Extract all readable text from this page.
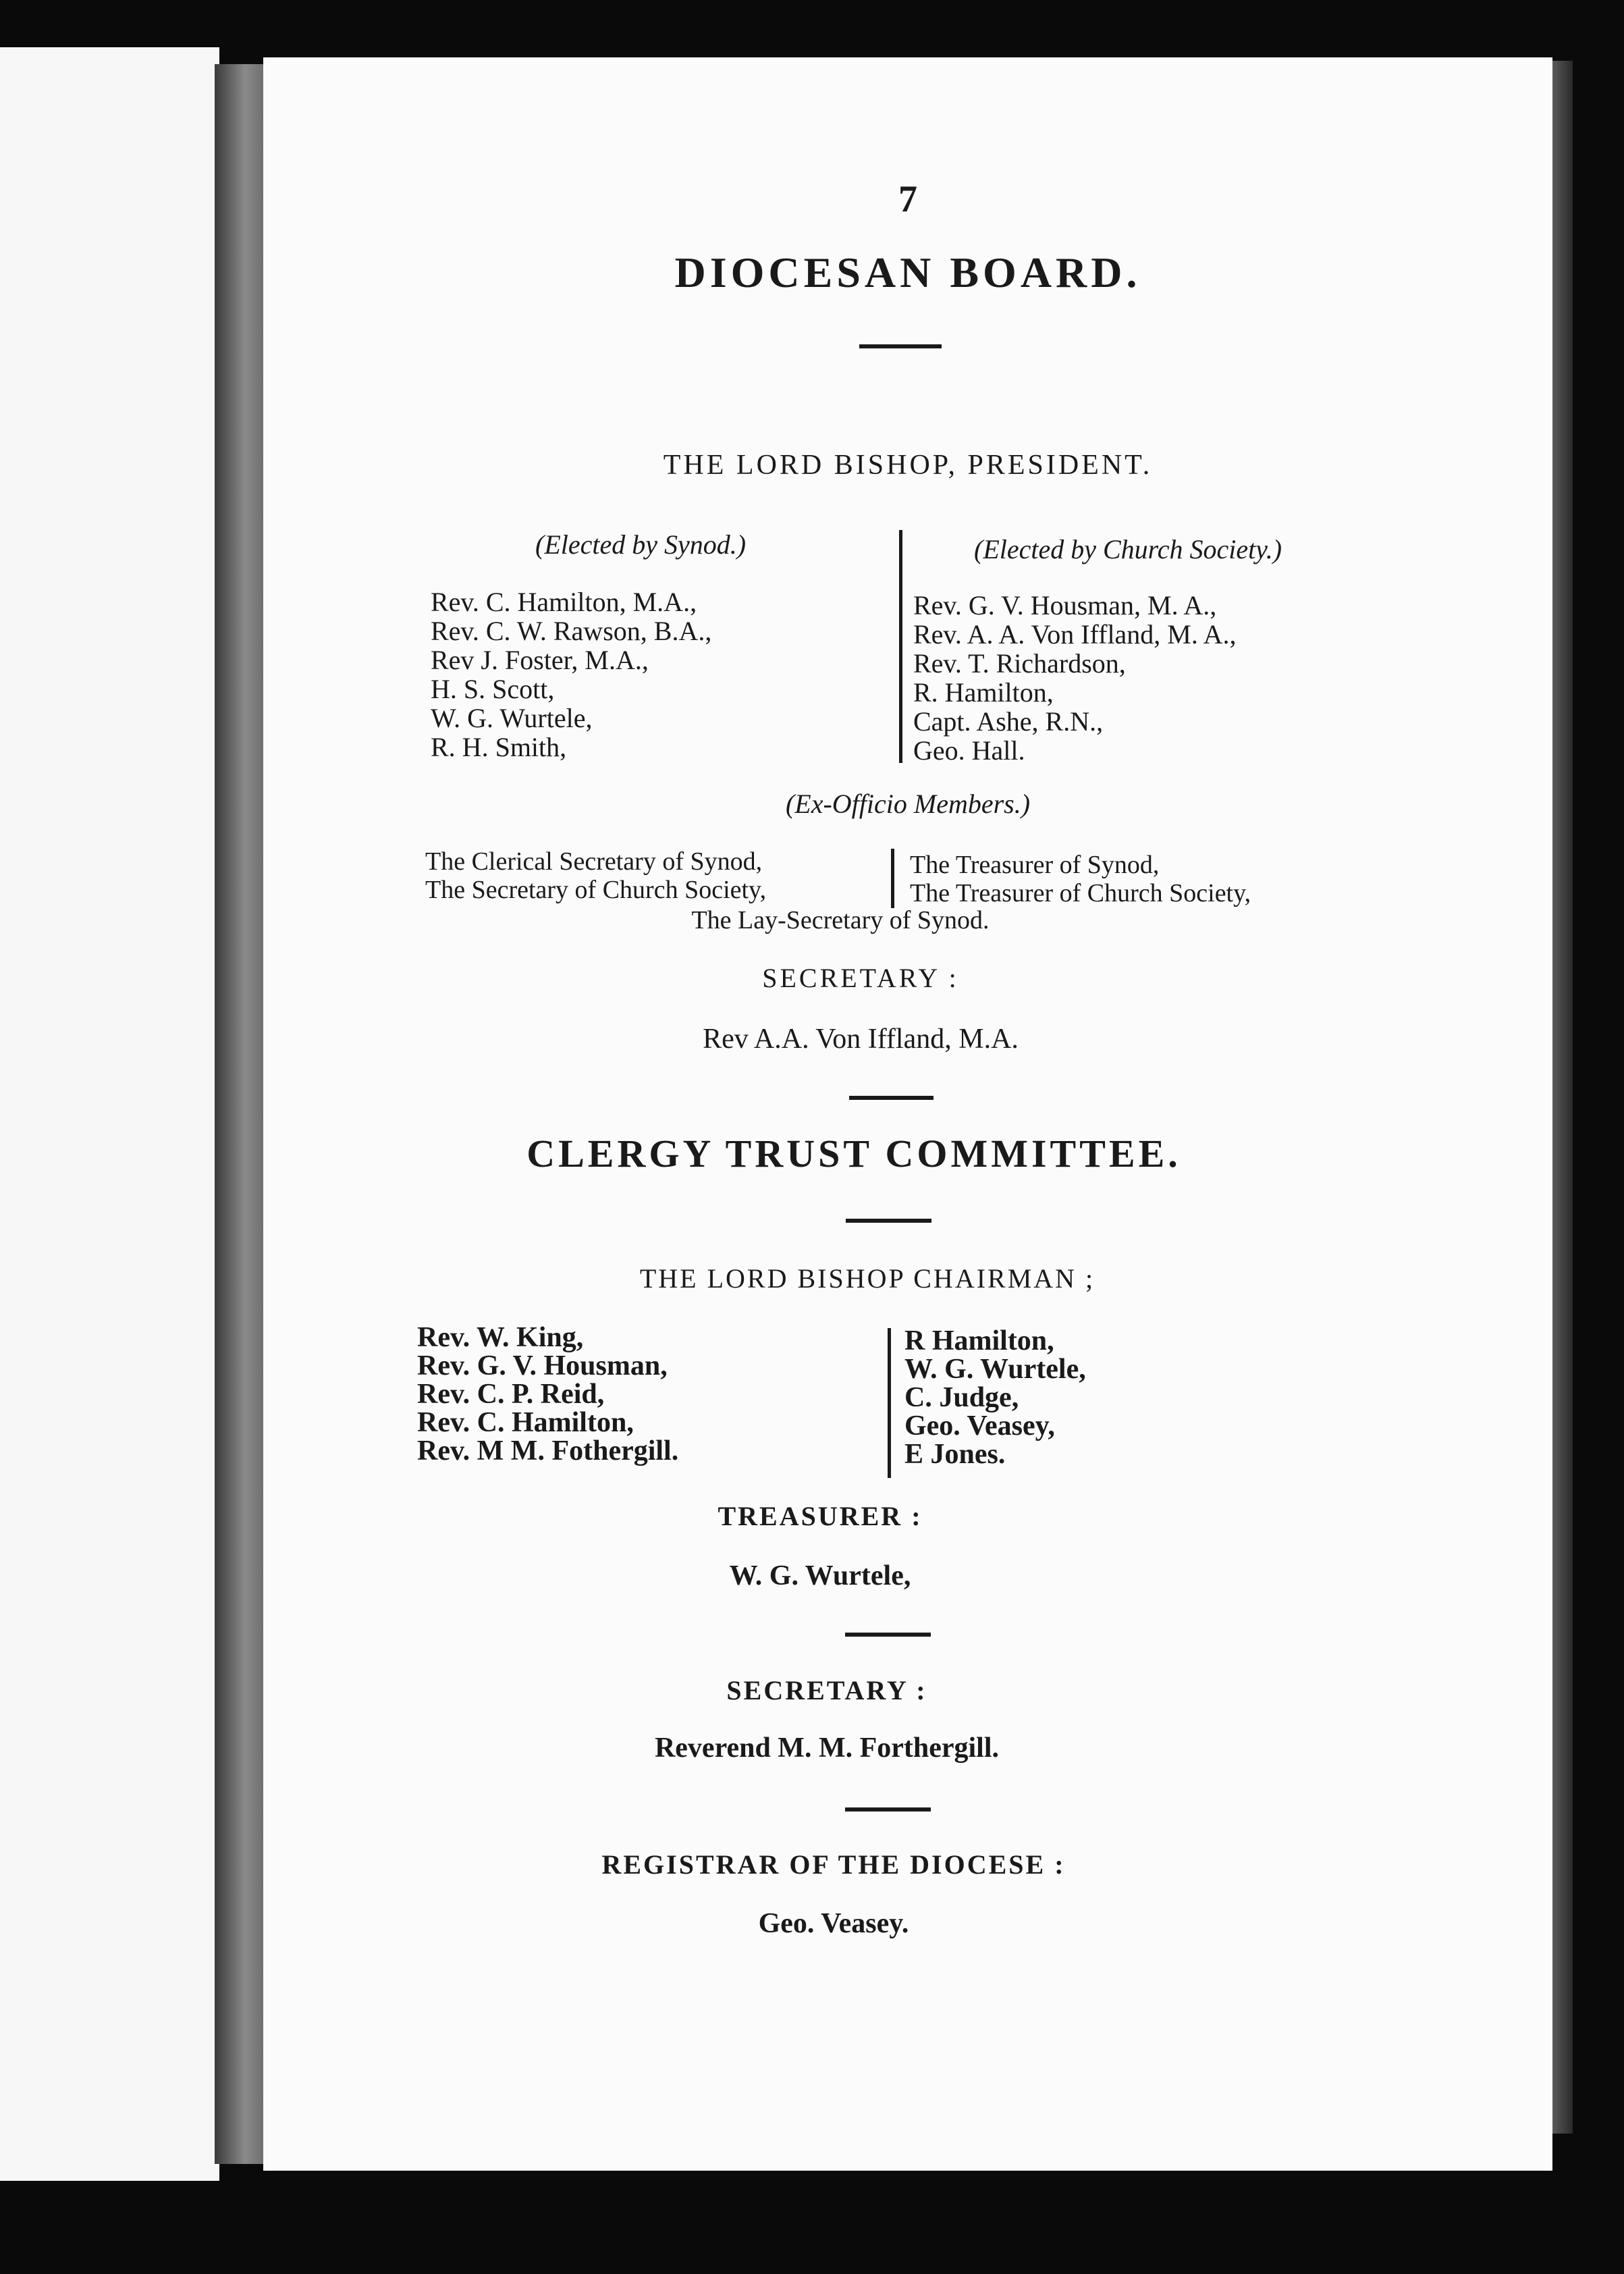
7
DIOCESAN BOARD.
THE LORD BISHOP, PRESIDENT.
(Elected by Synod.)	(Elected by Church Society.)
Rev. C. Hamilton, M.A.,
Rev. C. W. Rawson, B.A.,
Rev J. Foster, M.A.,
H. S. Scott,
W. G. Wurtele,
R. H. Smith,
Rev. G. V. Housman, M. A.,
Rev. A. A. Von Iffland, M. A.,
Rev. T. Richardson,
R. Hamilton,
Capt. Ashe, R.N.,
Geo. Hall.
(Ex-Officio Members.)
The Clerical Secretary of Synod,
The Secretary of Church Society,
The Treasurer of Synod,
The Treasurer of Church Society,
The Lay-Secretary of Synod.
SECRETARY :
Rev A.A. Von Iffland, M.A.
CLERGY TRUST COMMITTEE.
THE LORD BISHOP CHAIRMAN ;
Rev. W. King,
Rev. G. V. Housman,
Rev. C. P. Reid,
Rev. C. Hamilton,
Rev. M M. Fothergill.
R Hamilton,
W. G. Wurtele,
C. Judge,
Geo. Veasey,
E Jones.
TREASURER :
W. G. Wurtele,
SECRETARY :
Reverend M. M. Forthergill.
REGISTRAR OF THE DIOCESE :
Geo. Veasey.
